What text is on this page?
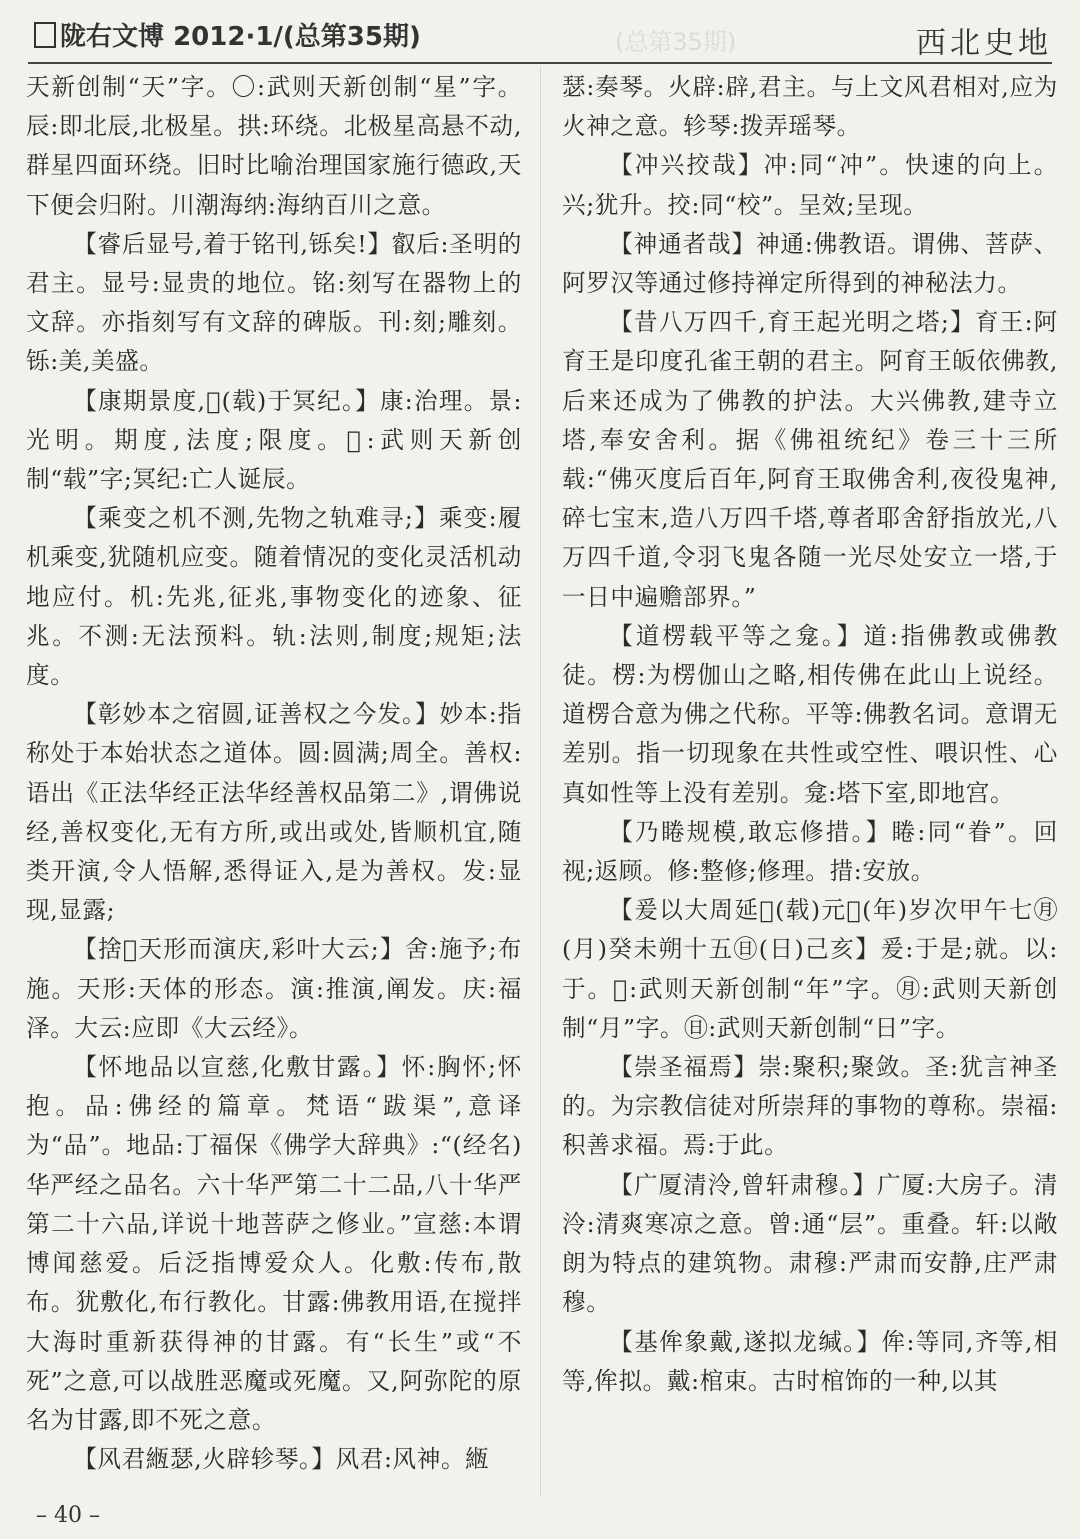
陇右文博 2012·1/(总第35期)	(总第35期)	西北史地

天新创制“天”字。〇:武则天新创制“星”字。辰:即北辰,北极星。拱:环绕。北极星高悬不动,群星四面环绕。旧时比喻治理国家施行德政,天下便会归附。川潮海纳:海纳百川之意。

【睿后显号,着于铭刊,铄矣!】叡后:圣明的君主。显号:显贵的地位。铭:刻写在器物上的文辞。亦指刻写有文辞的碑版。刊:刻;雕刻。铄:美,美盛。

【康期景度,𡕀(载)于冥纪。】康:治理。景:光明。期度,法度;限度。𡕀:武则天新创制“载”字;冥纪:亡人诞辰。

【乘变之机不测,先物之轨难寻;】乘变:履机乘变,犹随机应变。随着情况的变化灵活机动地应付。机:先兆,征兆,事物变化的迹象、征兆。不测:无法预料。轨:法则,制度;规矩;法度。

【彰妙本之宿圆,证善权之今发。】妙本:指称处于本始状态之道体。圆:圆满;周全。善权:语出《正法华经正法华经善权品第二》,谓佛说经,善权变化,无有方所,或出或处,皆顺机宜,随类开演,令人悟解,悉得证入,是为善权。发:显现,显露;

【捨𠆭天形而演庆,彩叶大云;】舍:施予;布施。天形:天体的形态。演:推演,阐发。庆:福泽。大云:应即《大云经》。

【怀地品以宣慈,化敷甘露。】怀:胸怀;怀抱。品:佛经的篇章。梵语“跋渠”,意译为“品”。地品:丁福保《佛学大辞典》:“(经名)华严经之品名。六十华严第二十二品,八十华严第二十六品,详说十地菩萨之修业。”宣慈:本谓博闻慈爱。后泛指博爱众人。化敷:传布,散布。犹敷化,布行教化。甘露:佛教用语,在搅拌大海时重新获得神的甘露。有“长生”或“不死”之意,可以战胜恶魔或死魔。又,阿弥陀的原名为甘露,即不死之意。

【风君緪瑟,火辟轸琴。】风君:风神。緪

瑟:奏琴。火辟:辟,君主。与上文风君相对,应为火神之意。轸琴:拨弄瑶琴。

【冲兴挍哉】冲:同“冲”。快速的向上。兴;犹升。挍:同“校”。呈效;呈现。

【神通者哉】神通:佛教语。谓佛、菩萨、阿罗汉等通过修持禅定所得到的神秘法力。

【昔八万四千,育王起光明之塔;】育王:阿育王是印度孔雀王朝的君主。阿育王皈依佛教,后来还成为了佛教的护法。大兴佛教,建寺立塔,奉安舍利。据《佛祖统纪》卷三十三所载:“佛灭度后百年,阿育王取佛舍利,夜役鬼神,碎七宝末,造八万四千塔,尊者耶舍舒指放光,八万四千道,令羽飞鬼各随一光尽处安立一塔,于一日中遍赡部界。”

【道楞载平等之龛。】道:指佛教或佛教徒。楞:为楞伽山之略,相传佛在此山上说经。道楞合意为佛之代称。平等:佛教名词。意谓无差别。指一切现象在共性或空性、喂识性、心真如性等上没有差别。龛:塔下室,即地宫。

【乃睠规模,敢忘修措。】睠:同“眷”。回视;返顾。修:整修;修理。措:安放。

【爰以大周延𡕀(载)元𠡦(年)岁次甲午七㊊(月)癸未朔十五㊐(日)己亥】爰:于是;就。以:于。𠡦:武则天新创制“年”字。㊊:武则天新创制“月”字。㊐:武则天新创制“日”字。

【崇圣福焉】崇:聚积;聚敛。圣:犹言神圣的。为宗教信徒对所崇拜的事物的尊称。崇福:积善求福。焉:于此。

【广厦清泠,曾轩肃穆。】广厦:大房子。清泠:清爽寒凉之意。曾:通“层”。重叠。轩:以敞朗为特点的建筑物。肃穆:严肃而安静,庄严肃穆。

【基侔象戴,遂拟龙缄。】侔:等同,齐等,相等,侔拟。戴:棺束。古时棺饰的一种,以其

– 40 –
